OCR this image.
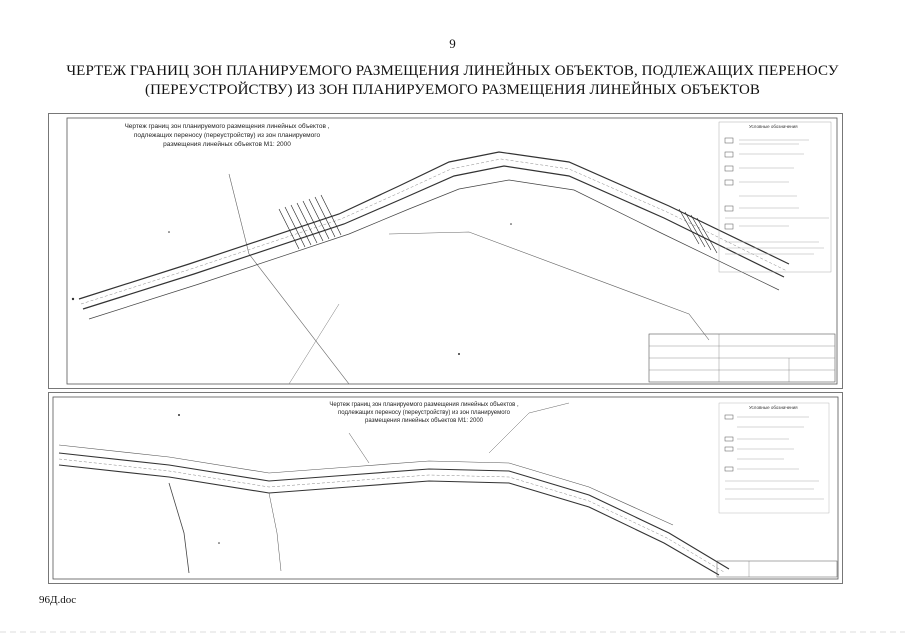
9
ЧЕРТЕЖ ГРАНИЦ ЗОН ПЛАНИРУЕМОГО РАЗМЕЩЕНИЯ ЛИНЕЙНЫХ ОБЪЕКТОВ, ПОДЛЕЖАЩИХ ПЕРЕНОСУ
(ПЕРЕУСТРОЙСТВУ) ИЗ ЗОН ПЛАНИРУЕМОГО РАЗМЕЩЕНИЯ ЛИНЕЙНЫХ ОБЪЕКТОВ
Чертеж границ зон планируемого размещения линейных объектов ,
подлежащих переносу (переустройству) из зон планируемого
размещения линейных объектов М1: 2000
Условные обозначения
Чертеж границ зон планируемого размещения линейных объектов ,
подлежащих переносу (переустройству) из зон планируемого
размещения линейных объектов М1: 2000
Условные обозначения
96Д.doc
